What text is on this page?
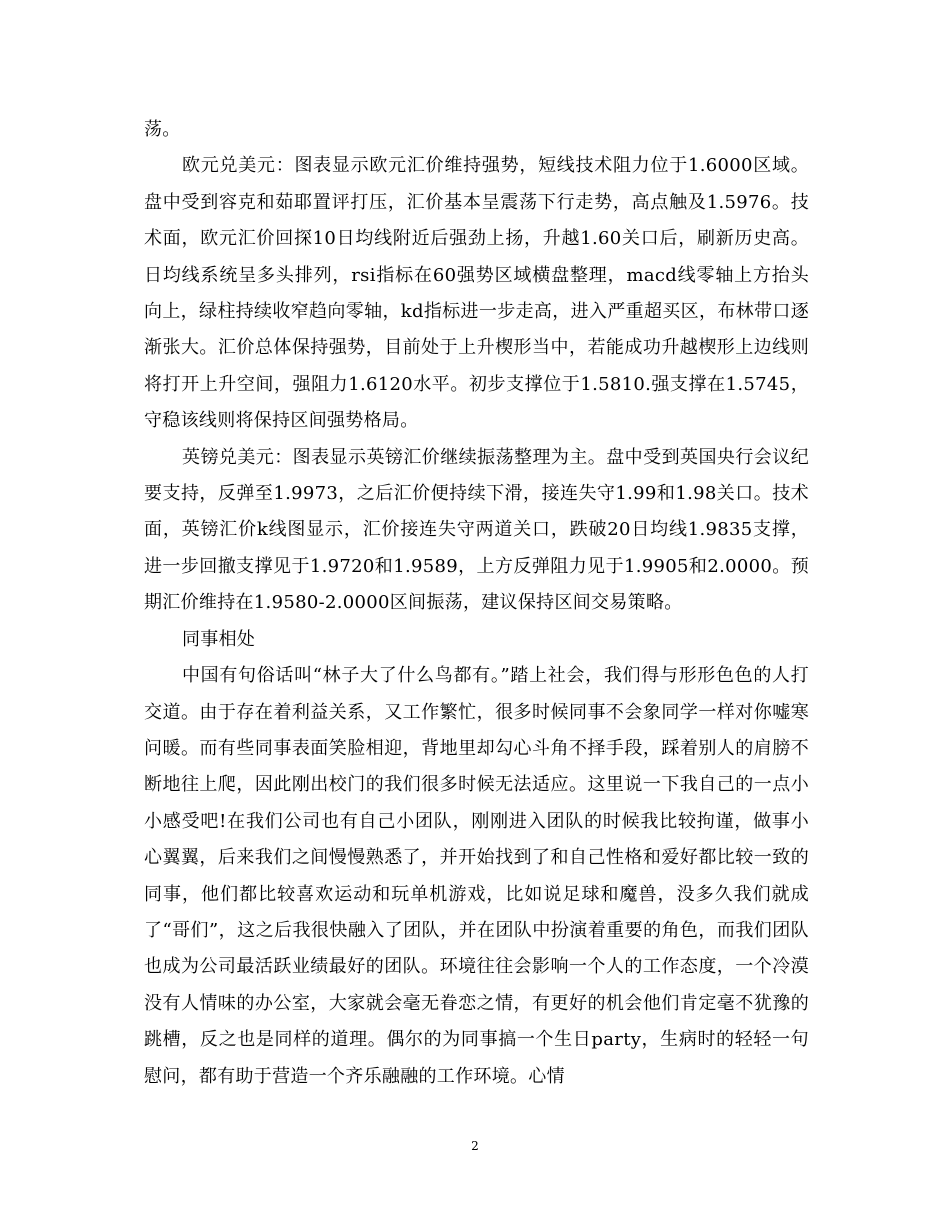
荡。

欧元兑美元：图表显示欧元汇价维持强势，短线技术阻力位于1.6000区域。盘中受到容克和茹耶置评打压，汇价基本呈震荡下行走势，高点触及1.5976。技术面，欧元汇价回探10日均线附近后强劲上扬，升越1.60关口后，刷新历史高。日均线系统呈多头排列，rsi指标在60强势区域横盘整理，macd线零轴上方抬头向上，绿柱持续收窄趋向零轴，kd指标进一步走高，进入严重超买区，布林带口逐渐张大。汇价总体保持强势，目前处于上升楔形当中，若能成功升越楔形上边线则将打开上升空间，强阻力1.6120水平。初步支撑位于1.5810.强支撑在1.5745，守稳该线则将保持区间强势格局。

英镑兑美元：图表显示英镑汇价继续振荡整理为主。盘中受到英国央行会议纪要支持，反弹至1.9973，之后汇价便持续下滑，接连失守1.99和1.98关口。技术面，英镑汇价k线图显示，汇价接连失守两道关口，跌破20日均线1.9835支撑，进一步回撤支撑见于1.9720和1.9589，上方反弹阻力见于1.9905和2.0000。预期汇价维持在1.9580-2.0000区间振荡，建议保持区间交易策略。

同事相处

中国有句俗话叫“林子大了什么鸟都有。”踏上社会，我们得与形形色色的人打交道。由于存在着利益关系，又工作繁忙，很多时候同事不会象同学一样对你嘘寒问暖。而有些同事表面笑脸相迎，背地里却勾心斗角不择手段，踩着别人的肩膀不断地往上爬，因此刚出校门的我们很多时候无法适应。这里说一下我自己的一点小小感受吧!在我们公司也有自己小团队，刚刚进入团队的时候我比较拘谨，做事小心翼翼，后来我们之间慢慢熟悉了，并开始找到了和自己性格和爱好都比较一致的同事，他们都比较喜欢运动和玩单机游戏，比如说足球和魔兽，没多久我们就成了“哥们”，这之后我很快融入了团队，并在团队中扮演着重要的角色，而我们团队也成为公司最活跃业绩最好的团队。环境往往会影响一个人的工作态度，一个冷漠没有人情味的办公室，大家就会毫无眷恋之情，有更好的机会他们肯定毫不犹豫的跳槽，反之也是同样的道理。偶尔的为同事搞一个生日party，生病时的轻轻一句慰问，都有助于营造一个齐乐融融的工作环境。心情

2
